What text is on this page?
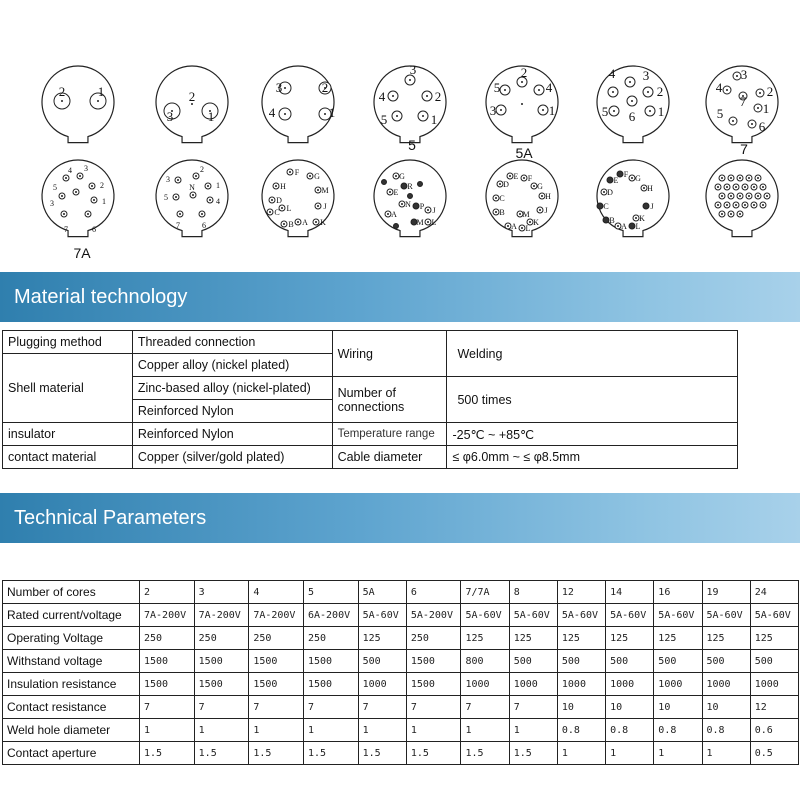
2	1	2
3	1
3	2
4	1
3
4	2
5	1
5
2
5	4
3	1
5A
4 3
2
5 6 1
3
4	2
7 1
5
6
7
5
4 3
2
3	1
7	6
7A
3
2
5
1
N
4
7	6
F G
M
H
D
L	J
C
B A K
G
R
E
N P J
A
M L
E F
G
H
D
C
J
B
K
A
M
L
F G
E
H
J
D
C
K
B
A L
Material technology
Plugging method	Threaded connection	Wiring	Welding
Shell material	Copper alloy (nickel plated)		
	Zinc-based alloy (nickel-plated)	Number of connections	500 times
	Reinforced Nylon		
insulator	Reinforced Nylon	Temperature range	-25℃ ~ +85℃
contact material	Copper (silver/gold plated)	Cable diameter	≤ φ6.0mm ~ ≤ φ8.5mm
Technical Parameters
Number of cores	2	3	4	5	5A	6	7/7A	8	12	14	16	19	24
Rated current/voltage	7A-200V	7A-200V	7A-200V	6A-200V	5A-60V	5A-200V	5A-60V	5A-60V	5A-60V	5A-60V	5A-60V	5A-60V	5A-60V
Operating Voltage	250	250	250	250	125	250	125	125	125	125	125	125	125
Withstand voltage	1500	1500	1500	1500	500	1500	800	500	500	500	500	500	500
Insulation resistance	1500	1500	1500	1500	1000	1500	1000	1000	1000	1000	1000	1000	1000
Contact resistance	7	7	7	7	7	7	7	7	10	10	10	10	12
Weld hole diameter	1	1	1	1	1	1	1	1	0.8	0.8	0.8	0.8	0.6
Contact aperture	1.5	1.5	1.5	1.5	1.5	1.5	1.5	1.5	1	1	1	1	0.5
